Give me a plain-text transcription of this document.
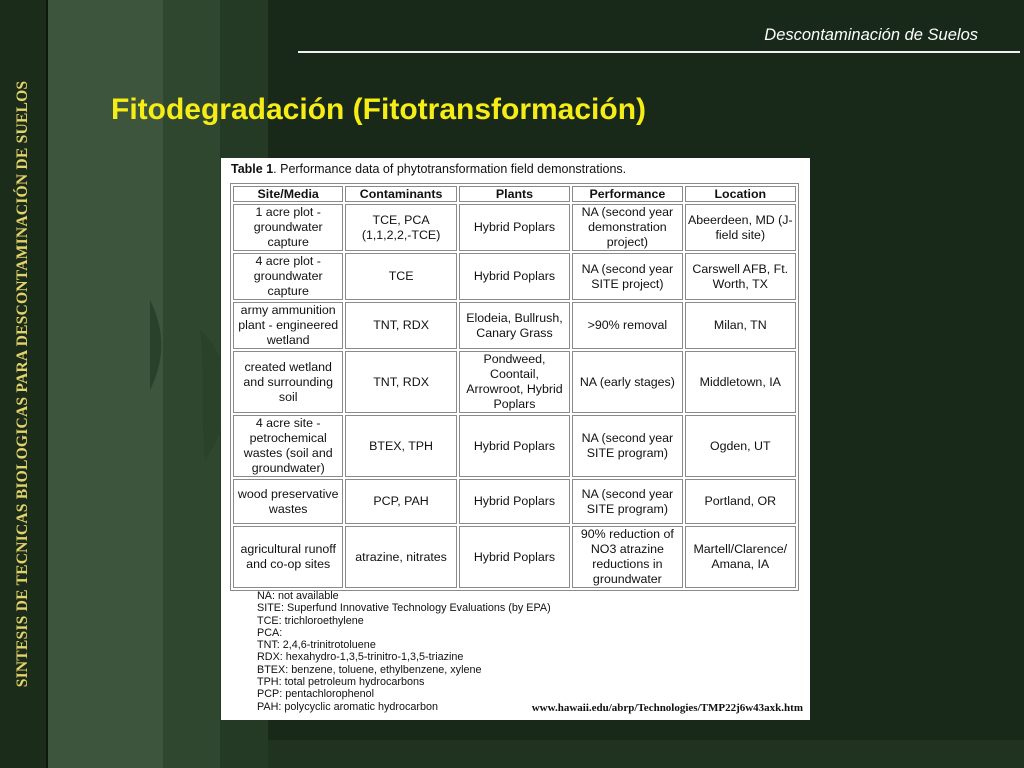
SINTESIS DE TECNICAS BIOLOGICAS PARA DESCONTAMINACIÓN DE SUELOS
Descontaminación de Suelos
Fitodegradación (Fitotransformación)
Table 1. Performance data of phytotransformation field demonstrations.
Site/Media	Contaminants	Plants	Performance	Location
1 acre plot - groundwater capture	TCE, PCA (1,1,2,2,-TCE)	Hybrid Poplars	NA (second year demonstration project)	Abeerdeen, MD (J-field site)
4 acre plot - groundwater capture	TCE	Hybrid Poplars	NA (second year SITE project)	Carswell AFB, Ft. Worth, TX
army ammunition plant - engineered wetland	TNT, RDX	Elodeia, Bullrush, Canary Grass	>90% removal	Milan, TN
created wetland and surrounding soil	TNT, RDX	Pondweed, Coontail, Arrowroot, Hybrid Poplars	NA (early stages)	Middletown, IA
4 acre site - petrochemical wastes (soil and groundwater)	BTEX, TPH	Hybrid Poplars	NA (second year SITE program)	Ogden, UT
wood preservative wastes	PCP, PAH	Hybrid Poplars	NA (second year SITE program)	Portland, OR
agricultural runoff and co-op sites	atrazine, nitrates	Hybrid Poplars	90% reduction of NO3 atrazine reductions in groundwater	Martell/Clarence/ Amana, IA
NA: not available
SITE: Superfund Innovative Technology Evaluations (by EPA)
TCE: trichloroethylene
PCA:
TNT: 2,4,6-trinitrotoluene
RDX: hexahydro-1,3,5-trinitro-1,3,5-triazine
BTEX: benzene, toluene, ethylbenzene, xylene
TPH: total petroleum hydrocarbons
PCP: pentachlorophenol
PAH: polycyclic aromatic hydrocarbon	www.hawaii.edu/abrp/Technologies/TMP22j6w43axk.htm
